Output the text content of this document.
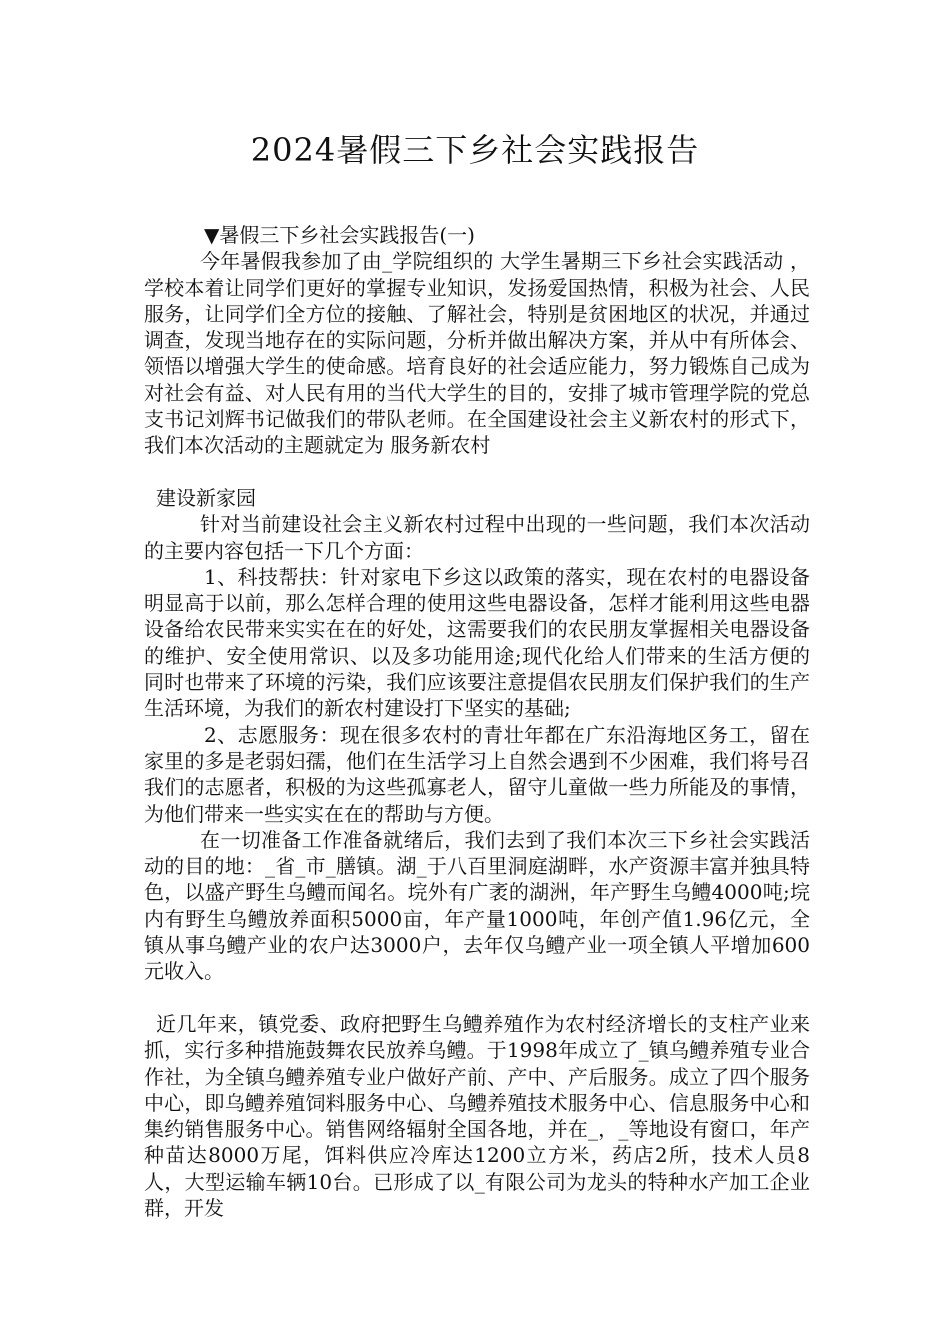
2024暑假三下乡社会实践报告

▼暑假三下乡社会实践报告(一)

今年暑假我参加了由_学院组织的 大学生暑期三下乡社会实践活动 ，学校本着让同学们更好的掌握专业知识，发扬爱国热情，积极为社会、人民服务，让同学们全方位的接触、了解社会，特别是贫困地区的状况，并通过调查，发现当地存在的实际问题，分析并做出解决方案，并从中有所体会、领悟以增强大学生的使命感。培育良好的社会适应能力，努力锻炼自己成为对社会有益、对人民有用的当代大学生的目的，安排了城市管理学院的党总支书记刘辉书记做我们的带队老师。在全国建设社会主义新农村的形式下，我们本次活动的主题就定为 服务新农村

建设新家园

针对当前建设社会主义新农村过程中出现的一些问题，我们本次活动的主要内容包括一下几个方面：

1、科技帮扶：针对家电下乡这以政策的落实，现在农村的电器设备明显高于以前，那么怎样合理的使用这些电器设备，怎样才能利用这些电器设备给农民带来实实在在的好处，这需要我们的农民朋友掌握相关电器设备的维护、安全使用常识、以及多功能用途;现代化给人们带来的生活方便的同时也带来了环境的污染，我们应该要注意提倡农民朋友们保护我们的生产生活环境，为我们的新农村建设打下坚实的基础;

2、志愿服务：现在很多农村的青壮年都在广东沿海地区务工，留在家里的多是老弱妇孺，他们在生活学习上自然会遇到不少困难，我们将号召我们的志愿者，积极的为这些孤寡老人，留守儿童做一些力所能及的事情，为他们带来一些实实在在的帮助与方便。

在一切准备工作准备就绪后，我们去到了我们本次三下乡社会实践活动的目的地：_省_市_膳镇。湖_于八百里洞庭湖畔，水产资源丰富并独具特色，以盛产野生乌鳢而闻名。垸外有广袤的湖洲，年产野生乌鳢4000吨;垸内有野生乌鳢放养面积5000亩，年产量1000吨，年创产值1.96亿元，全镇从事乌鳢产业的农户达3000户，去年仅乌鳢产业一项全镇人平增加600元收入。

近几年来，镇党委、政府把野生乌鳢养殖作为农村经济增长的支柱产业来抓，实行多种措施鼓舞农民放养乌鳢。于1998年成立了_镇乌鳢养殖专业合作社，为全镇乌鳢养殖专业户做好产前、产中、产后服务。成立了四个服务中心，即乌鳢养殖饲料服务中心、乌鳢养殖技术服务中心、信息服务中心和集约销售服务中心。销售网络辐射全国各地，并在_，_等地设有窗口，年产种苗达8000万尾，饵料供应冷库达1200立方米，药店2所，技术人员8人，大型运输车辆10台。已形成了以_有限公司为龙头的特种水产加工企业群，开发
